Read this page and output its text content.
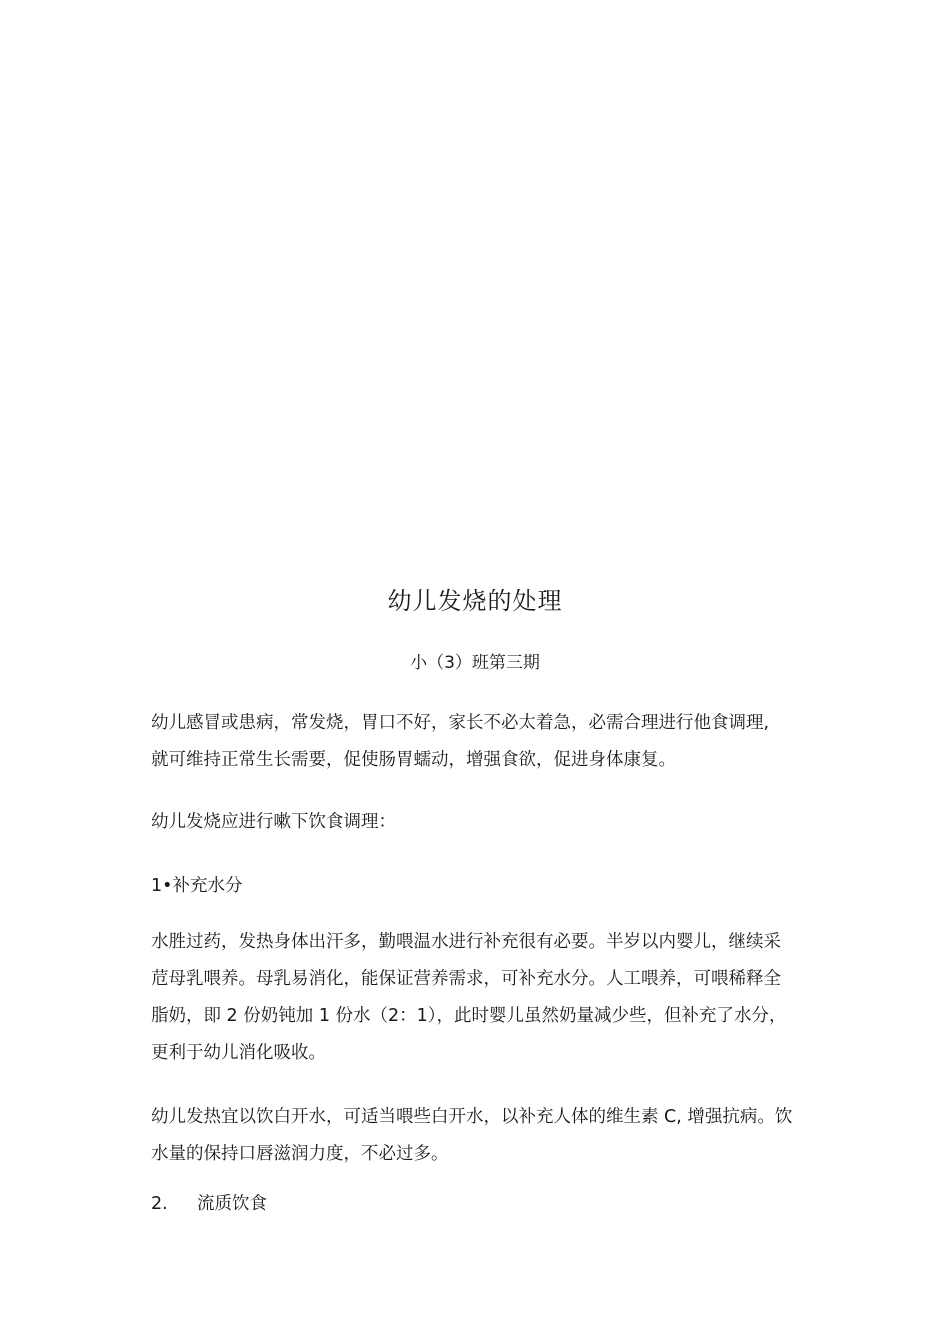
幼儿发烧的处理
小（3）班第三期

幼儿感冒或患病，常发烧，胃口不好，家长不必太着急，必需合理进行他食调理,
就可维持正常生长需要，促使肠胃蠕动，增强食欲，促进身体康复。

幼儿发烧应进行嗽下饮食调理：

1•补充水分

水胜过药，发热身体出汗多，勤喂温水进行补充很有必要。半岁以内婴儿，继续采
苊母乳喂养。母乳易消化，能保证营养需求，可补充水分。人工喂养，可喂稀释全
脂奶，即 2 份奶钝加 1 份水（2：1），此时婴儿虽然奶量减少些，但补充了水分，
更利于幼儿消化吸收。

幼儿发热宜以饮白开水，可适当喂些白开水，以补充人体的维生素 C, 增强抗病。饮
水量的保持口唇滋润力度，不必过多。

2. 流质饮食
